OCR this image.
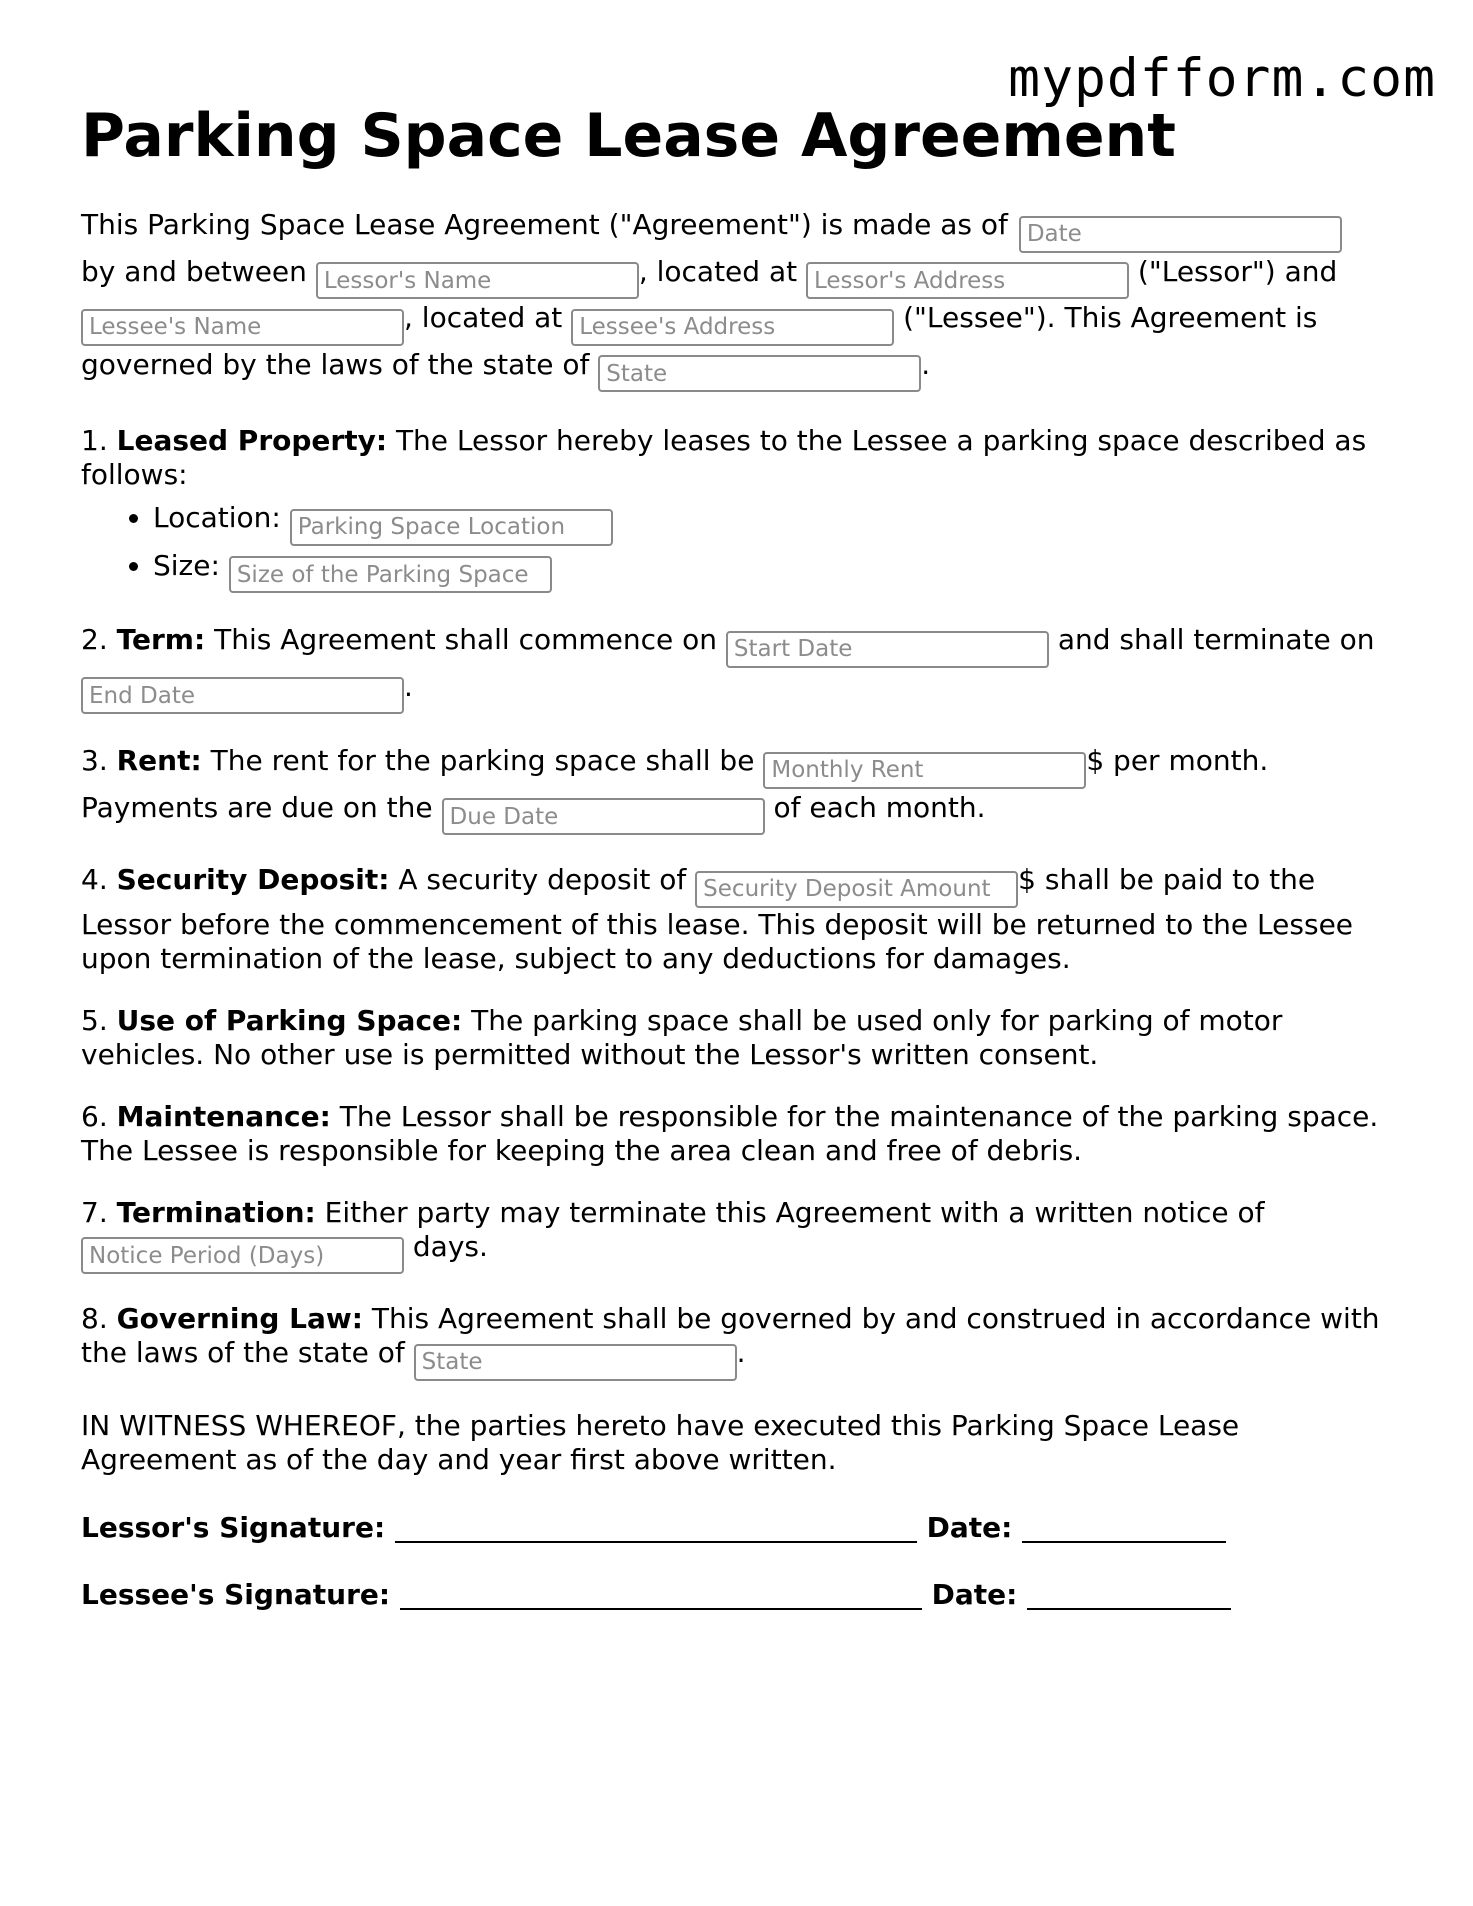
mypdfform.com
Parking Space Lease Agreement

This Parking Space Lease Agreement ("Agreement") is made as of Date
by and between Lessor's Name	, located at Lessor's Address	("Lessor") and
Lessee's Name, located at Lessee's Address	("Lessee"). This Agreement is governed by the laws of the state of State	.

1. Leased Property: The Lessor hereby leases to the Lessee a parking space described as follows:

• Location: Parking Space Location
• Size: Size of the Parking Space

2. Term: This Agreement shall commence on Start Date	and shall terminate on End Date.

3. Rent: The rent for the parking space shall be Monthly Rent	$ per month. Payments are due on the Due Date	of each month.

4. Security Deposit: A security deposit of Security Deposit Amount	$ shall be paid to the Lessor before the commencement of this lease. This deposit will be returned to the Lessee upon termination of the lease, subject to any deductions for damages.

5. Use of Parking Space: The parking space shall be used only for parking of motor vehicles. No other use is permitted without the Lessor's written consent.

6. Maintenance: The Lessor shall be responsible for the maintenance of the parking space. The Lessee is responsible for keeping the area clean and free of debris.

7. Termination: Either party may terminate this Agreement with a written notice of Notice Period (Days) days.

8. Governing Law: This Agreement shall be governed by and construed in accordance with the laws of the state of State	.

IN WITNESS WHEREOF, the parties hereto have executed this Parking Space Lease Agreement as of the day and year first above written.

Lessor's Signature:	Date:

Lessee's Signature:	Date:
